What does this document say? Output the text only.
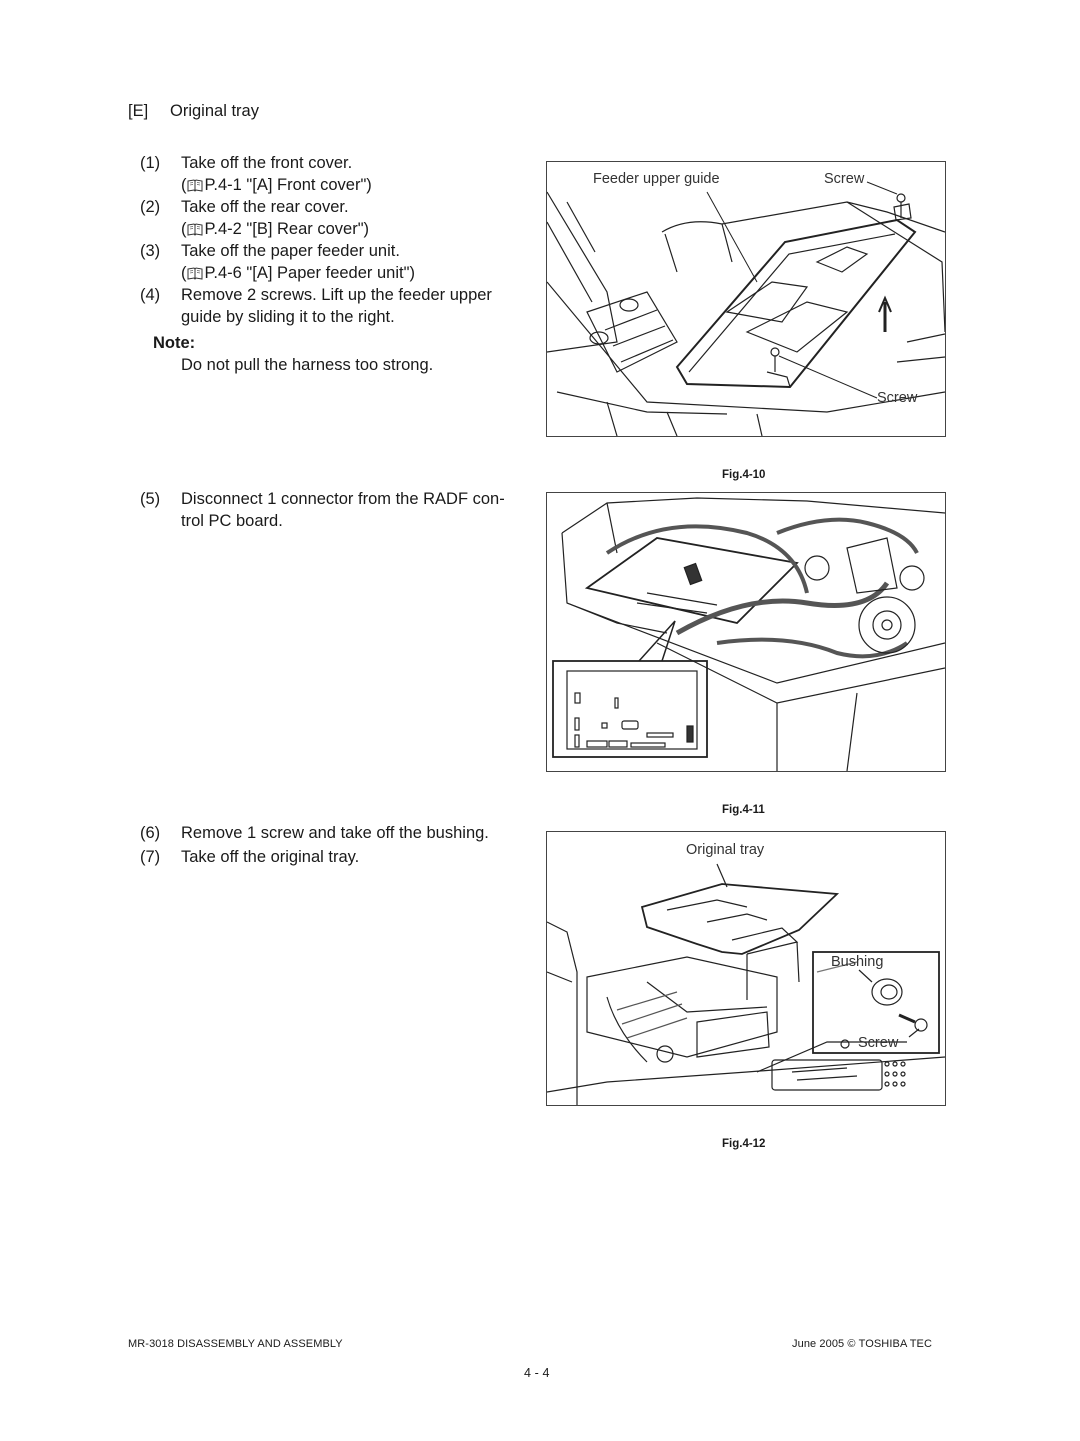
[E] Original tray
(1) Take off the front cover.
( P.4-1 "[A] Front cover")
(2) Take off the rear cover.
( P.4-2 "[B] Rear cover")
(3) Take off the paper feeder unit.
( P.4-6 "[A] Paper feeder unit")
(4) Remove 2 screws. Lift up the feeder upper
guide by sliding it to the right.
Note:
Do not pull the harness too strong.
(5) Disconnect 1 connector from the RADF con-
trol PC board.
(6) Remove 1 screw and take off the bushing.
(7) Take off the original tray.
Feeder upper guide	Screw
Screw
Fig.4-10
Fig.4-11
Original tray
Bushing
Screw
Fig.4-12
MR-3018 DISASSEMBLY AND ASSEMBLY	June 2005 © TOSHIBA TEC
4 - 4
